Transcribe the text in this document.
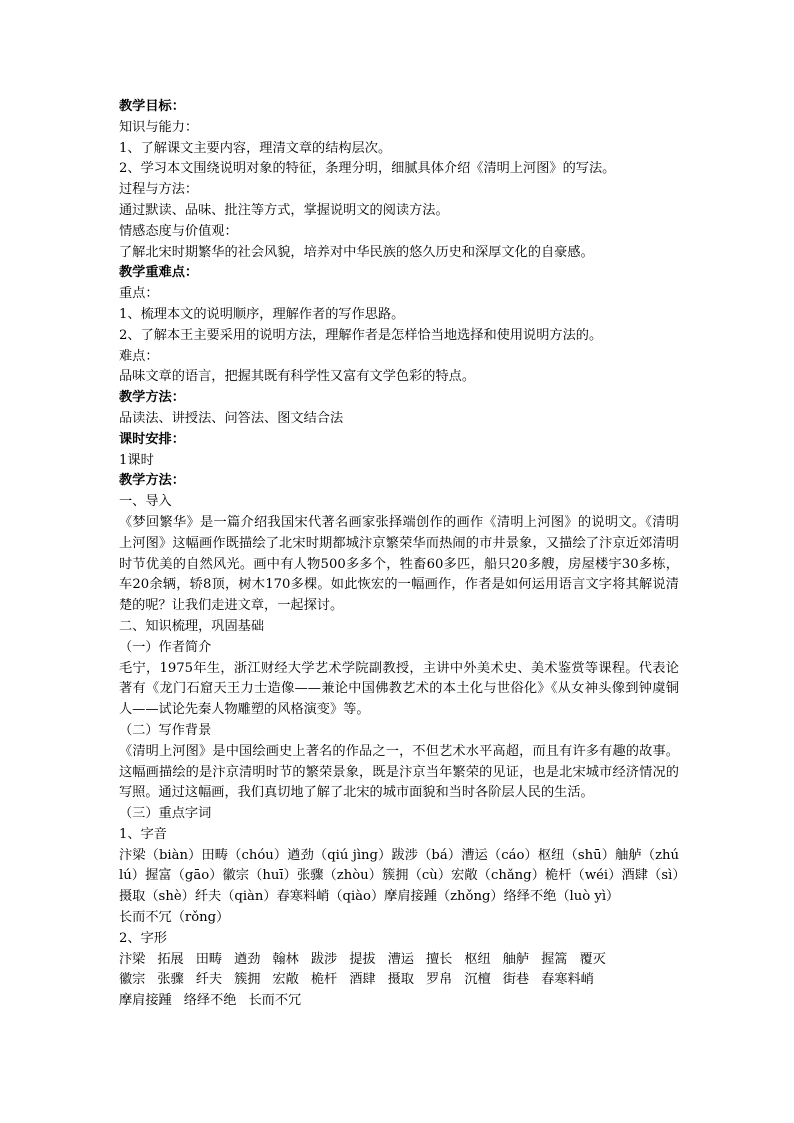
教学目标：

知识与能力：

1、了解课文主要内容，理清文章的结构层次。

2、学习本文围绕说明对象的特征，条理分明，细腻具体介绍《清明上河图》的写法。

过程与方法：

通过默读、品味、批注等方式，掌握说明文的阅读方法。

情感态度与价值观：

了解北宋时期繁华的社会风貌，培养对中华民族的悠久历史和深厚文化的自豪感。

教学重难点：

重点：

1、梳理本文的说明顺序，理解作者的写作思路。

2、了解本王主要采用的说明方法，理解作者是怎样恰当地选择和使用说明方法的。

难点：

品味文章的语言，把握其既有科学性又富有文学色彩的特点。

教学方法：

品读法、讲授法、问答法、图文结合法

课时安排：

1课时

教学方法：

一、导入

《梦回繁华》是一篇介绍我国宋代著名画家张择端创作的画作《清明上河图》的说明文。《清明上河图》这幅画作既描绘了北宋时期都城汴京繁荣华而热闹的市井景象，又描绘了汴京近郊清明时节优美的自然风光。画中有人物500多多个，牲畜60多匹，船只20多艘，房屋楼宇30多栋，车20余辆，轿8顶，树木170多棵。如此恢宏的一幅画作，作者是如何运用语言文字将其解说清楚的呢？让我们走进文章，一起探讨。

二、知识梳理，巩固基础

（一）作者简介

毛宁，1975年生，浙江财经大学艺术学院副教授，主讲中外美术史、美术鉴赏等课程。代表论著有《龙门石窟天王力士造像——兼论中国佛教艺术的本土化与世俗化》《从女神头像到钟虞铜人——试论先秦人物雕塑的风格演变》等。

（二）写作背景

《清明上河图》是中国绘画史上著名的作品之一，不但艺术水平高超，而且有许多有趣的故事。这幅画描绘的是汴京清明时节的繁荣景象，既是汴京当年繁荣的见证，也是北宋城市经济情况的写照。通过这幅画，我们真切地了解了北宋的城市面貌和当时各阶层人民的生活。

（三）重点字词

1、字音

汴梁（biàn）田畴（chóu）遒劲（qiú jìng）跋涉（bá）漕运（cáo）枢纽（shū）舳舻（zhú lú）握富（gāo）徽宗（huī）张骤（zhòu）簇拥（cù）宏敞（chǎng）桅杆（wéi）酒肆（sì）摄取（shè）纤夫（qiàn）春寒料峭（qiào）摩肩接踵（zhǒng）络绎不绝（luò yì）

长而不冗（rǒng）

2、字形

汴梁 拓展 田畴 遒劲 翰林 跋涉 提拔 漕运 擅长 枢纽 舳舻 握篙 覆灭

徽宗 张骤 纤夫 簇拥 宏敞 桅杆 酒肆 摄取 罗帛 沉檀 街巷 春寒料峭

摩肩接踵 络绎不绝 长而不冗
